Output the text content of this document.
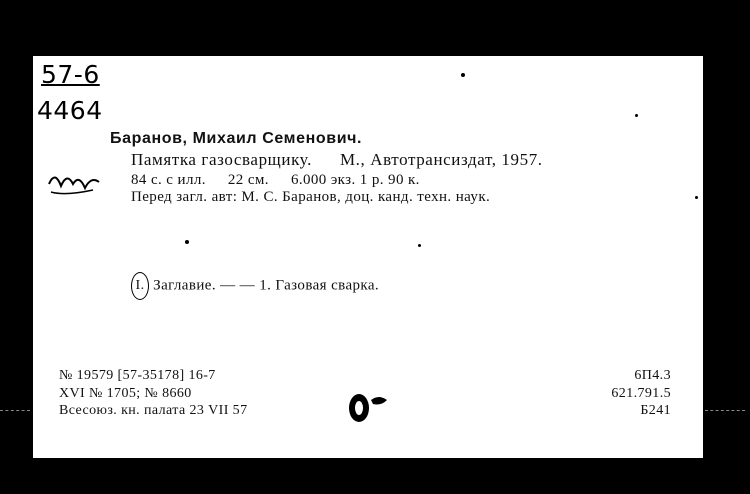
57-6
4464
Баранов, Михаил Семенович.
Памятка газосварщику. М., Автотрансиздат, 1957.
84 с. с илл. 22 см. 6.000 экз. 1 р. 90 к.
Перед загл. авт: М. С. Баранов, доц. канд. техн. наук.
I. Заглавие. — — 1. Газовая сварка.
№ 19579 [57-35178] 16-7
XVI № 1705; № 8660
Всесоюз. кн. палата 23 VII 57
6П4.3
621.791.5
Б241
